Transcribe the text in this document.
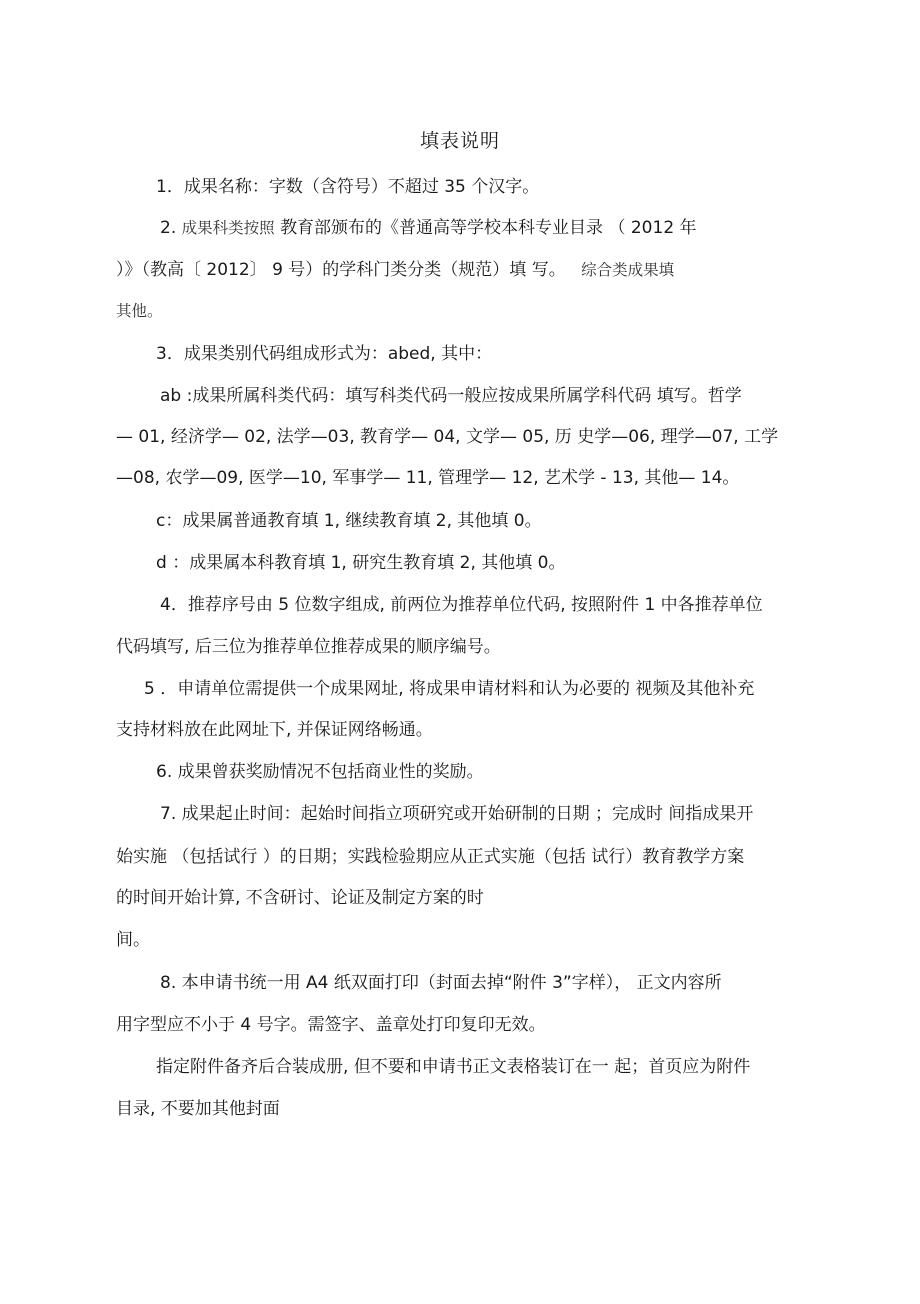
填表说明
1．成果名称：字数（含符号）不超过 35 个汉字。
2. 成果科类按照 教育部颁布的《普通高等学校本科专业目录 （ 2012 年
）》（教高〔 2012〕 9 号）的学科门类分类（规范）填 写。 综合类成果填
其他。
3．成果类别代码组成形式为：abed, 其中：
ab :成果所属科类代码：填写科类代码一般应按成果所属学科代码 填写。哲学
— 01, 经济学— 02, 法学—03, 教育学— 04, 文学— 05, 历 史学—06, 理学—07, 工学
—08, 农学—09, 医学—10, 军事学— 11, 管理学— 12, 艺术学 - 13, 其他— 14。
c：成果属普通教育填 1, 继续教育填 2, 其他填 0。
d ：成果属本科教育填 1, 研究生教育填 2, 其他填 0。
4．推荐序号由 5 位数字组成, 前两位为推荐单位代码, 按照附件 1 中各推荐单位
代码填写, 后三位为推荐单位推荐成果的顺序编号。
5 ．申请单位需提供一个成果网址, 将成果申请材料和认为必要的 视频及其他补充
支持材料放在此网址下, 并保证网络畅通。
6. 成果曾获奖励情况不包括商业性的奖励。
7. 成果起止时间：起始时间指立项研究或开始研制的日期 ；完成时 间指成果开
始实施 （包括试行 ）的日期；实践检验期应从正式实施（包括 试行）教育教学方案
的时间开始计算, 不含研讨、论证及制定方案的时
间。
8. 本申请书统一用 A4 纸双面打印（封面去掉“附件 3”字样）， 正文内容所
用字型应不小于 4 号字。需签字、盖章处打印复印无效。
指定附件备齐后合装成册, 但不要和申请书正文表格装订在一 起；首页应为附件
目录, 不要加其他封面
